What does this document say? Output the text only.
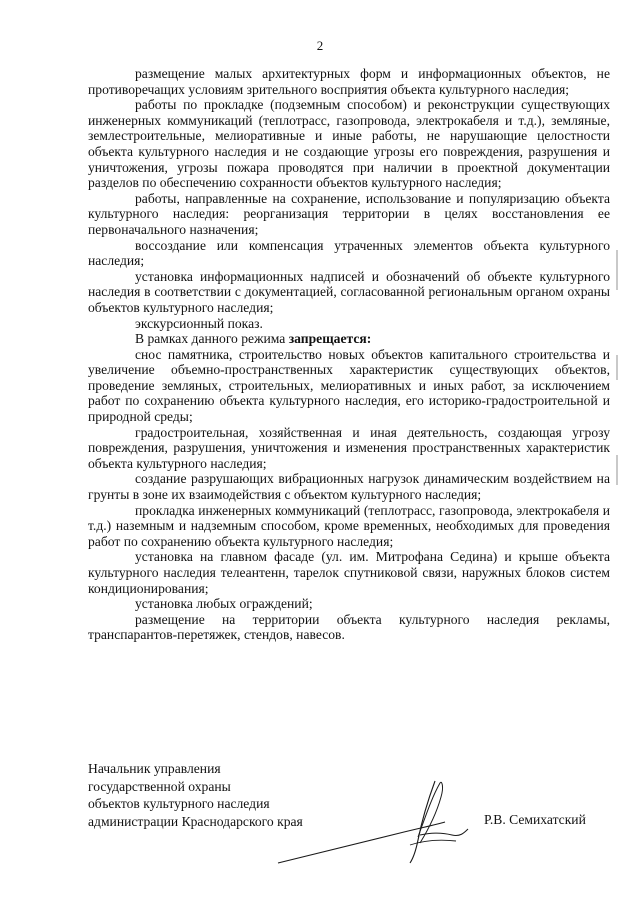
2

размещение малых архитектурных форм и информационных объектов, не противоречащих условиям зрительного восприятия объекта культурного наследия;

работы по прокладке (подземным способом) и реконструкции существующих инженерных коммуникаций (теплотрасс, газопровода, электрокабеля и т.д.), земляные, землестроительные, мелиоративные и иные работы, не нарушающие целостности объекта культурного наследия и не создающие угрозы его повреждения, разрушения и уничтожения, угрозы пожара проводятся при наличии в проектной документации разделов по обеспечению сохранности объектов культурного наследия;

работы, направленные на сохранение, использование и популяризацию объекта культурного наследия: реорганизация территории в целях восстановления ее первоначального назначения;

воссоздание или компенсация утраченных элементов объекта культурного наследия;

установка информационных надписей и обозначений об объекте культурного наследия в соответствии с документацией, согласованной региональным органом охраны объектов культурного наследия;

экскурсионный показ.

В рамках данного режима запрещается:

снос памятника, строительство новых объектов капитального строительства и увеличение объемно-пространственных характеристик существующих объектов, проведение земляных, строительных, мелиоративных и иных работ, за исключением работ по сохранению объекта культурного наследия, его историко-градостроительной и природной среды;

градостроительная, хозяйственная и иная деятельность, создающая угрозу повреждения, разрушения, уничтожения и изменения пространственных характеристик объекта культурного наследия;

создание разрушающих вибрационных нагрузок динамическим воздействием на грунты в зоне их взаимодействия с объектом культурного наследия;

прокладка инженерных коммуникаций (теплотрасс, газопровода, электрокабеля и т.д.) наземным и надземным способом, кроме временных, необходимых для проведения работ по сохранению объекта культурного наследия;

установка на главном фасаде (ул. им. Митрофана Седина) и крыше объекта культурного наследия телеантенн, тарелок спутниковой связи, наружных блоков систем кондиционирования;

установка любых ограждений;

размещение на территории объекта культурного наследия рекламы, транспарантов-перетяжек, стендов, навесов.

Начальник управления
государственной охраны
объектов культурного наследия
администрации Краснодарского края	Р.В. Семихатский
